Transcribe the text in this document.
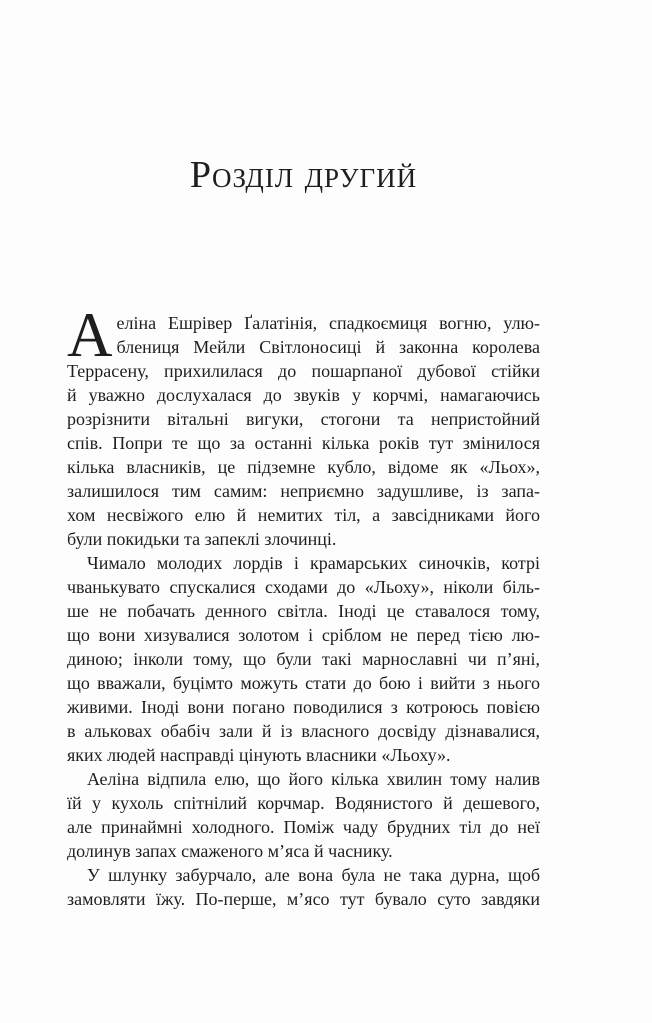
Розділ другий
А еліна Ешрівер Ґалатінія, спадкоємиця вогню, улю-
блениця Мейли Світлоносиці й законна королева
Террасену, прихилилася до пошарпаної дубової стійки
й уважно дослухалася до звуків у корчмі, намагаючись
розрізнити вітальні вигуки, стогони та непристойний
спів. Попри те що за останні кілька років тут змінилося
кілька власників, це підземне кубло, відоме як «Льох»,
залишилося тим самим: неприємно задушливе, із запа-
хом несвіжого елю й немитих тіл, а завсідниками його
були покидьки та запеклі злочинці.
Чимало молодих лордів і крамарських синочків, котрі
чванькувато спускалися сходами до «Льоху», ніколи біль-
ше не побачать денного світла. Іноді це ставалося тому,
що вони хизувалися золотом і сріблом не перед тією лю-
диною; інколи тому, що були такі марнославні чи п’яні,
що вважали, буцімто можуть стати до бою і вийти з нього
живими. Іноді вони погано поводилися з котроюсь повією
в альковах обабіч зали й із власного досвіду дізнавалися,
яких людей насправді цінують власники «Льоху».
Аеліна відпила елю, що його кілька хвилин тому налив
їй у кухоль спітнілий корчмар. Водянистого й дешевого,
але принаймні холодного. Поміж чаду брудних тіл до неї
долинув запах смаженого м’яса й часнику.
У шлунку забурчало, але вона була не така дурна, щоб
замовляти їжу. По-перше, м’ясо тут бувало суто завдяки
